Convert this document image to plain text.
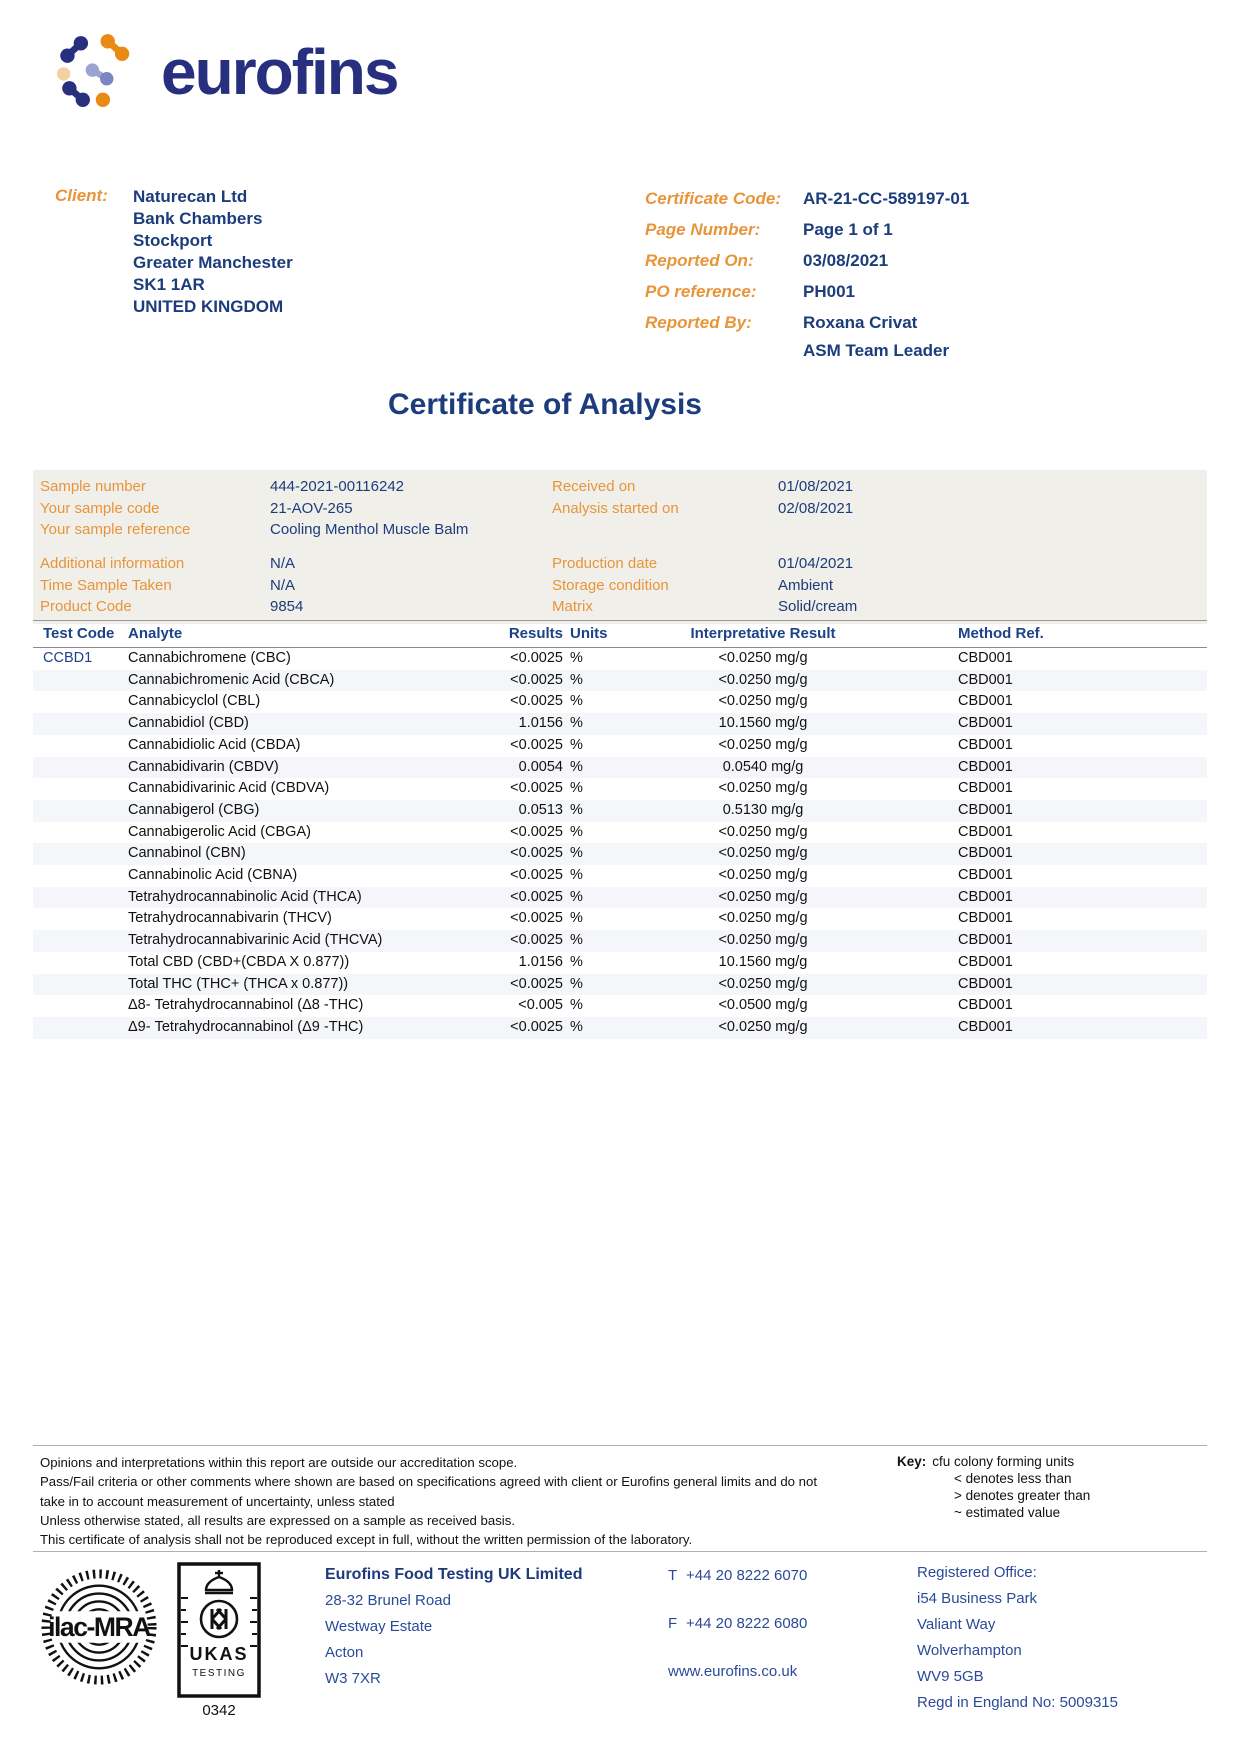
eurofins
Client:	Naturecan Ltd
Bank Chambers
Stockport
Greater Manchester
SK1 1AR
UNITED KINGDOM
Certificate Code:	AR-21-CC-589197-01
Page Number:	Page 1 of 1
Reported On:	03/08/2021
PO reference:	PH001
Reported By:	Roxana Crivat
ASM Team Leader
Certificate of Analysis
Sample number	444-2021-00116242	Received on	01/08/2021
Your sample code	21-AOV-265	Analysis started on	02/08/2021
Your sample reference	Cooling Menthol Muscle Balm
Additional information	N/A	Production date	01/04/2021
Time Sample Taken	N/A	Storage condition	Ambient
Product Code	9854	Matrix	Solid/cream
Test Code Analyte	Results Units	Interpretative Result	Method Ref.
CCBD1	Cannabichromene (CBC)	<0.0025 %	<0.0250 mg/g	CBD001
Cannabichromenic Acid (CBCA)	<0.0025 %	<0.0250 mg/g	CBD001
Cannabicyclol (CBL)	<0.0025 %	<0.0250 mg/g	CBD001
Cannabidiol (CBD)	1.0156 %	10.1560 mg/g	CBD001
Cannabidiolic Acid (CBDA)	<0.0025 %	<0.0250 mg/g	CBD001
Cannabidivarin (CBDV)	0.0054 %	0.0540 mg/g	CBD001
Cannabidivarinic Acid (CBDVA)	<0.0025 %	<0.0250 mg/g	CBD001
Cannabigerol (CBG)	0.0513 %	0.5130 mg/g	CBD001
Cannabigerolic Acid (CBGA)	<0.0025 %	<0.0250 mg/g	CBD001
Cannabinol (CBN)	<0.0025 %	<0.0250 mg/g	CBD001
Cannabinolic Acid (CBNA)	<0.0025 %	<0.0250 mg/g	CBD001
Tetrahydrocannabinolic Acid (THCA)	<0.0025 %	<0.0250 mg/g	CBD001
Tetrahydrocannabivarin (THCV)	<0.0025 %	<0.0250 mg/g	CBD001
Tetrahydrocannabivarinic Acid (THCVA)	<0.0025 %	<0.0250 mg/g	CBD001
Total CBD (CBD+(CBDA X 0.877))	1.0156 %	10.1560 mg/g	CBD001
Total THC (THC+ (THCA x 0.877))	<0.0025 %	<0.0250 mg/g	CBD001
Δ8- Tetrahydrocannabinol (Δ8 -THC)	<0.005 %	<0.0500 mg/g	CBD001
Δ9- Tetrahydrocannabinol (Δ9 -THC)	<0.0025 %	<0.0250 mg/g	CBD001
Opinions and interpretations within this report are outside our accreditation scope.
Pass/Fail criteria or other comments where shown are based on specifications agreed with client or Eurofins general limits and do not
take in to account measurement of uncertainty, unless stated
Unless otherwise stated, all results are expressed on a sample as received basis.
This certificate of analysis shall not be reproduced except in full, without the written permission of the laboratory.
Key: cfu colony forming units
< denotes less than
> denotes greater than
~ estimated value
ilac-MRA
UKAS
TESTING
0342
Eurofins Food Testing UK Limited
28-32 Brunel Road
Westway Estate
Acton
W3 7XR
T +44 20 8222 6070
F +44 20 8222 6080
www.eurofins.co.uk
Registered Office:
i54 Business Park
Valiant Way
Wolverhampton
WV9 5GB
Regd in England No: 5009315
